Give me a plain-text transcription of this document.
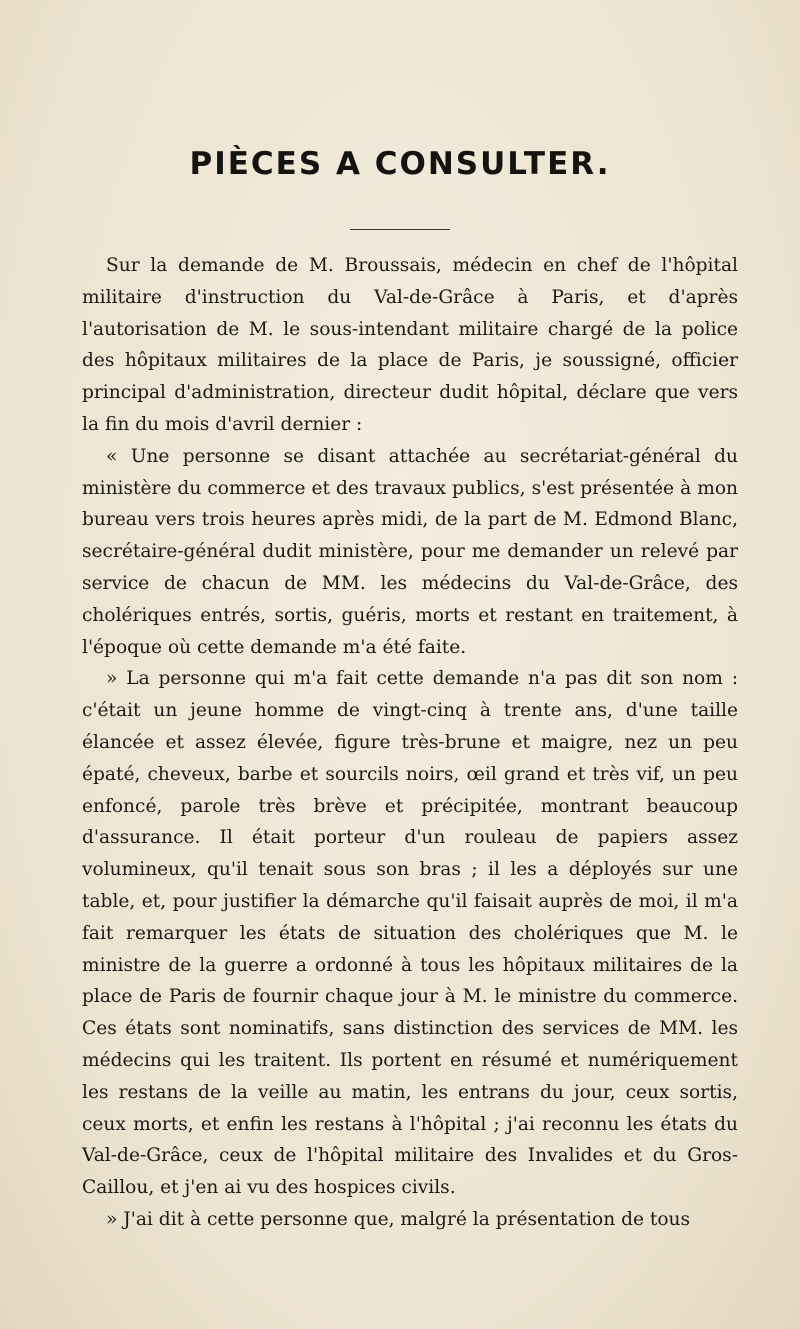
PIÈCES A CONSULTER.

Sur la demande de M. Broussais, médecin en chef de l'hôpital militaire d'instruction du Val-de-Grâce à Paris, et d'après l'autorisation de M. le sous-intendant militaire chargé de la police des hôpitaux militaires de la place de Paris, je soussigné, officier principal d'administration, directeur dudit hôpital, déclare que vers la fin du mois d'avril dernier :

« Une personne se disant attachée au secrétariat-général du ministère du commerce et des travaux publics, s'est présentée à mon bureau vers trois heures après midi, de la part de M. Edmond Blanc, secrétaire-général dudit ministère, pour me demander un relevé par service de chacun de MM. les médecins du Val-de-Grâce, des cholériques entrés, sortis, guéris, morts et restant en traitement, à l'époque où cette demande m'a été faite.

» La personne qui m'a fait cette demande n'a pas dit son nom : c'était un jeune homme de vingt-cinq à trente ans, d'une taille élancée et assez élevée, figure très-brune et maigre, nez un peu épaté, cheveux, barbe et sourcils noirs, œil grand et très vif, un peu enfoncé, parole très brève et précipitée, montrant beaucoup d'assurance. Il était porteur d'un rouleau de papiers assez volumineux, qu'il tenait sous son bras ; il les a déployés sur une table, et, pour justifier la démarche qu'il faisait auprès de moi, il m'a fait remarquer les états de situation des cholériques que M. le ministre de la guerre a ordonné à tous les hôpitaux militaires de la place de Paris de fournir chaque jour à M. le ministre du commerce. Ces états sont nominatifs, sans distinction des services de MM. les médecins qui les traitent. Ils portent en résumé et numériquement les restans de la veille au matin, les entrans du jour, ceux sortis, ceux morts, et enfin les restans à l'hôpital ; j'ai reconnu les états du Val-de-Grâce, ceux de l'hôpital militaire des Invalides et du Gros-Caillou, et j'en ai vu des hospices civils.

» J'ai dit à cette personne que, malgré la présentation de tous
